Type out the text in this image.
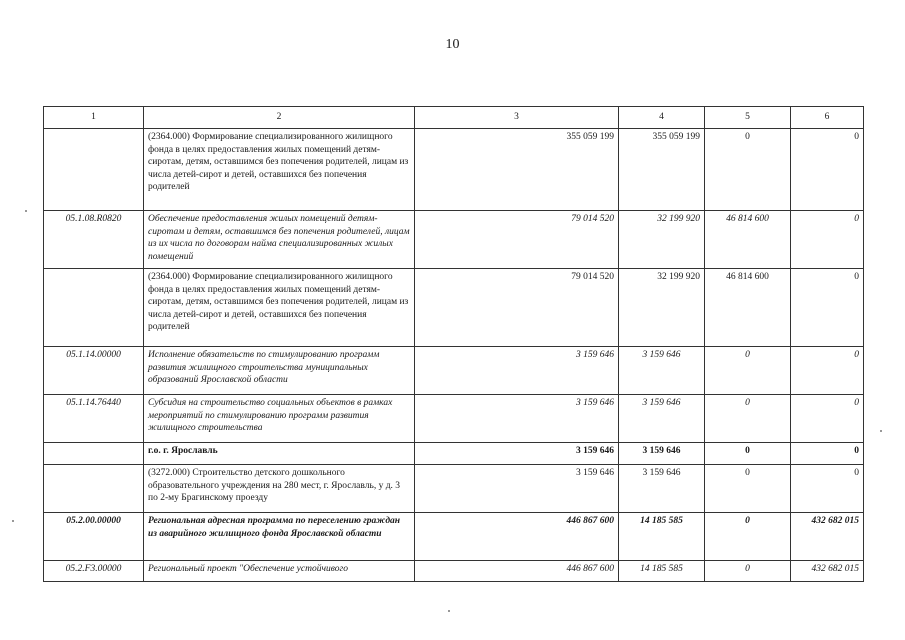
10
1	2	3	4	5	6
	(2364.000) Формирование специализированного жилищного фонда в целях предоставления жилых помещений детям-сиротам, детям, оставшимся без попечения родителей, лицам из числа детей-сирот и детей, оставшихся без попечения родителей	355 059 199	355 059 199	0	0
05.1.08.R0820	Обеспечение предоставления жилых помещений детям-сиротам и детям, оставшимся без попечения родителей, лицам из их числа по договорам найма специализированных жилых помещений	79 014 520	32 199 920	46 814 600	0
	(2364.000) Формирование специализированного жилищного фонда в целях предоставления жилых помещений детям-сиротам, детям, оставшимся без попечения родителей, лицам из числа детей-сирот и детей, оставшихся без попечения родителей	79 014 520	32 199 920	46 814 600	0
05.1.14.00000	Исполнение обязательств по стимулированию программ развития жилищного строительства муниципальных образований Ярославской области	3 159 646	3 159 646	0	0
05.1.14.76440	Субсидия на строительство социальных объектов в рамках мероприятий по стимулированию программ развития жилищного строительства	3 159 646	3 159 646	0	0
	г.о. г. Ярославль	3 159 646	3 159 646	0	0
	(3272.000) Строительство детского дошкольного образовательного учреждения на 280 мест, г. Ярославль, у д. 3 по 2-му Брагинскому проезду	3 159 646	3 159 646	0	0
05.2.00.00000	Региональная адресная программа по переселению граждан из аварийного жилищного фонда Ярославской области	446 867 600	14 185 585	0	432 682 015
05.2.F3.00000	Региональный проект "Обеспечение устойчивого	446 867 600	14 185 585	0	432 682 015
